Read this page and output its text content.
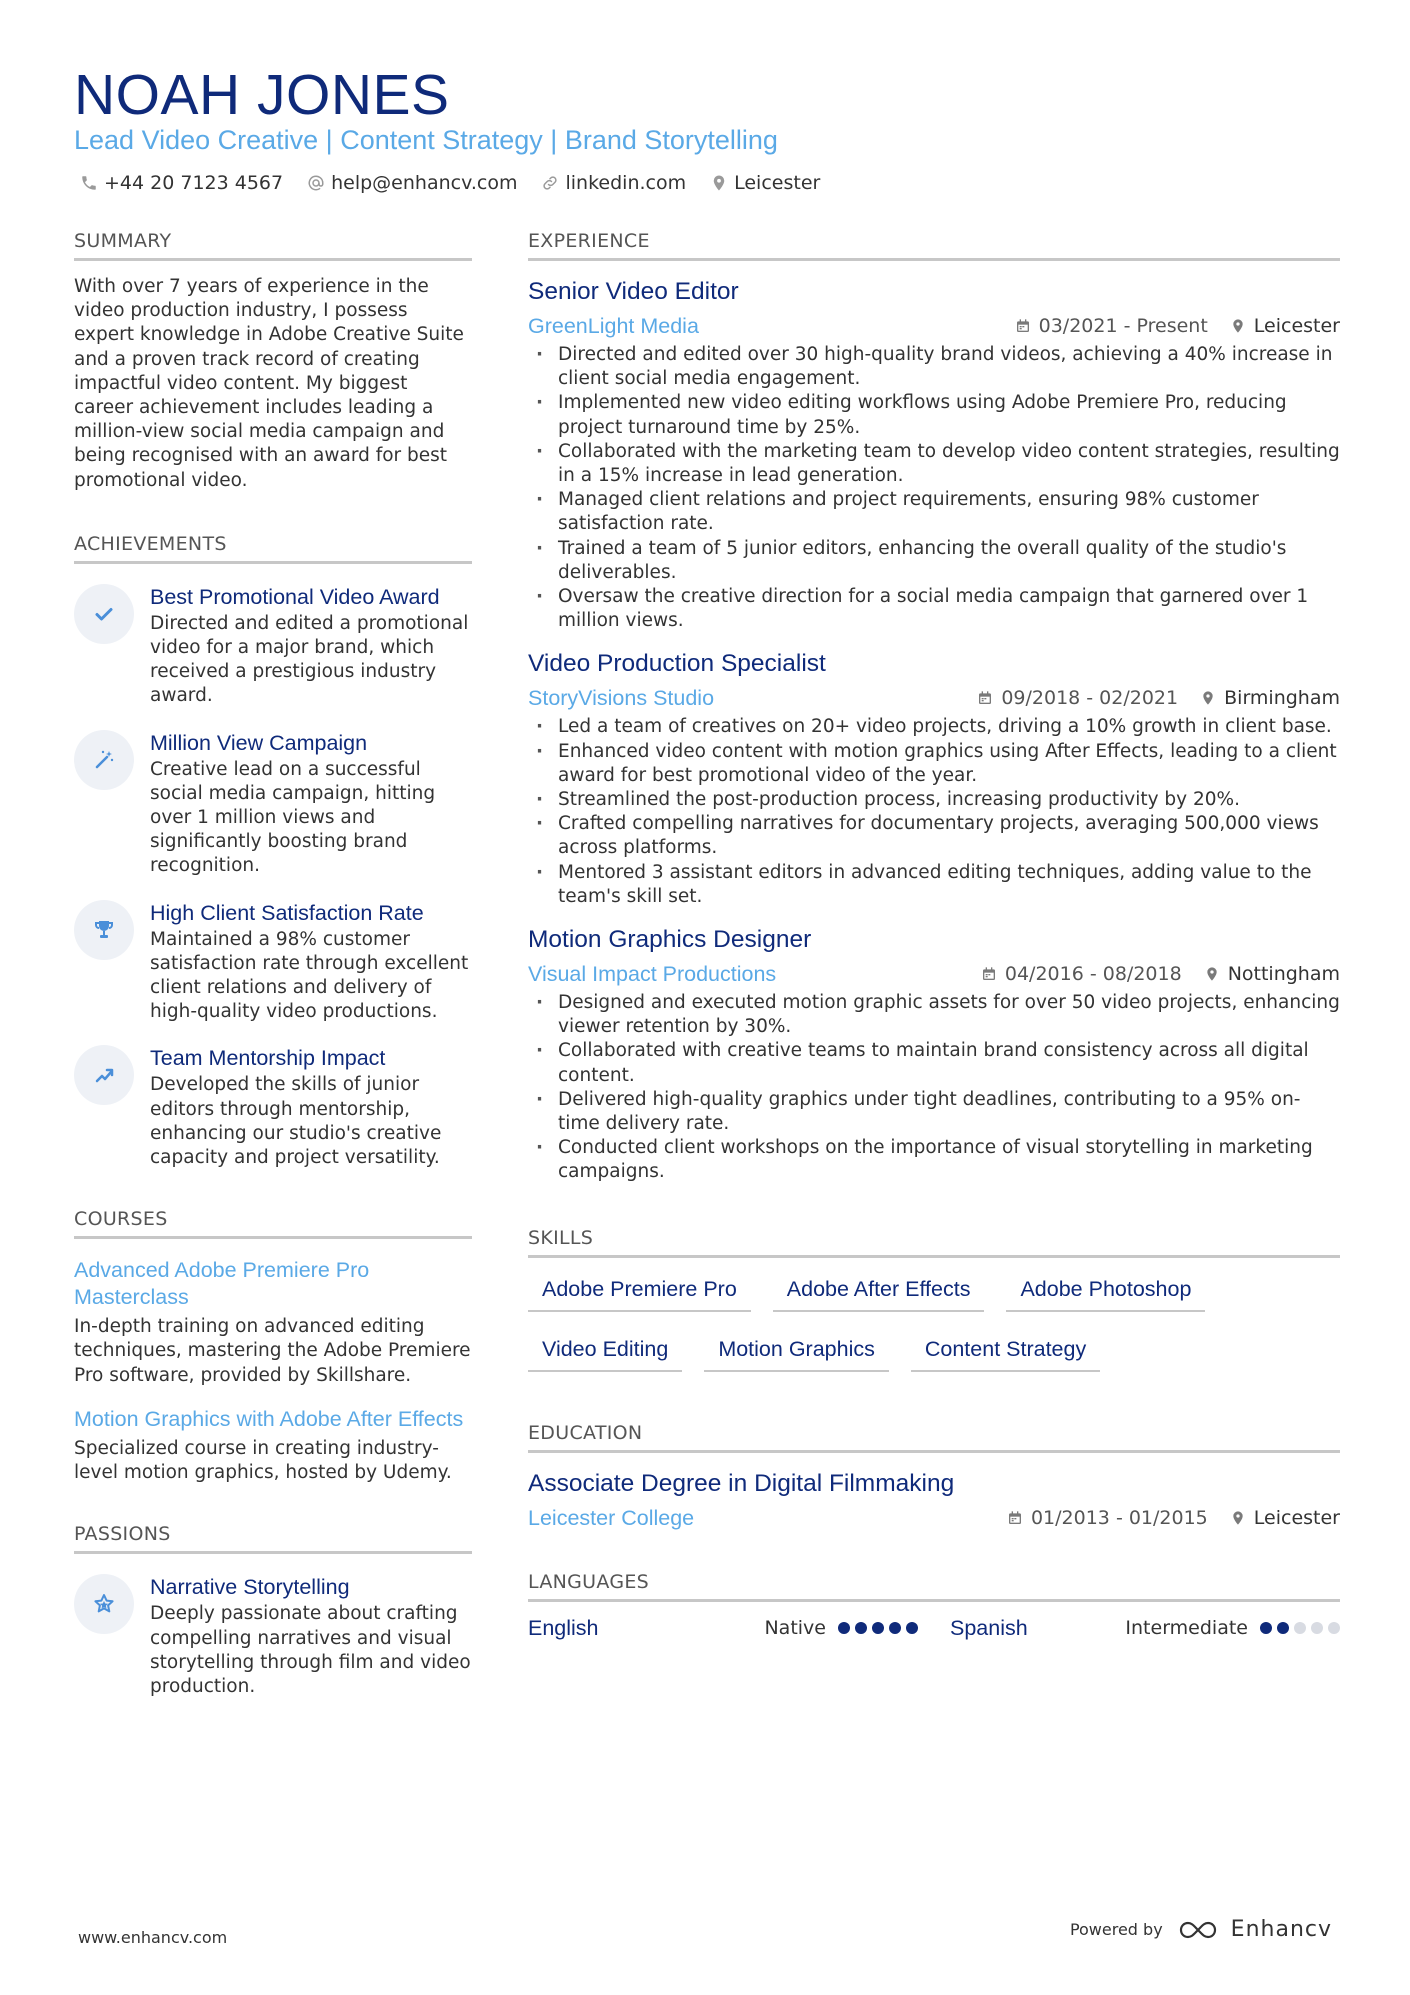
NOAH JONES
Lead Video Creative | Content Strategy | Brand Storytelling
+44 20 7123 4567	help@enhancv.com	linkedin.com	Leicester
SUMMARY

With over 7 years of experience in the video production industry, I possess expert knowledge in Adobe Creative Suite and a proven track record of creating impactful video content. My biggest career achievement includes leading a million-view social media campaign and being recognised with an award for best promotional video.

ACHIEVEMENTS
Best Promotional Video Award
Directed and edited a promotional video for a major brand, which received a prestigious industry award.
Million View Campaign
Creative lead on a successful social media campaign, hitting over 1 million views and significantly boosting brand recognition.
High Client Satisfaction Rate
Maintained a 98% customer satisfaction rate through excellent client relations and delivery of high-quality video productions.
Team Mentorship Impact
Developed the skills of junior editors through mentorship, enhancing our studio's creative capacity and project versatility.
COURSES
Advanced Adobe Premiere Pro Masterclass
In-depth training on advanced editing techniques, mastering the Adobe Premiere Pro software, provided by Skillshare.
Motion Graphics with Adobe After Effects
Specialized course in creating industry-level motion graphics, hosted by Udemy.
PASSIONS
Narrative Storytelling
Deeply passionate about crafting compelling narratives and visual storytelling through film and video production.
EXPERIENCE
Senior Video Editor
GreenLight Media	03/2021 - Present Leicester
· Directed and edited over 30 high-quality brand videos, achieving a 40% increase in client social media engagement.
· Implemented new video editing workflows using Adobe Premiere Pro, reducing project turnaround time by 25%.
· Collaborated with the marketing team to develop video content strategies, resulting in a 15% increase in lead generation.
· Managed client relations and project requirements, ensuring 98% customer satisfaction rate.
· Trained a team of 5 junior editors, enhancing the overall quality of the studio's deliverables.
· Oversaw the creative direction for a social media campaign that garnered over 1 million views.
Video Production Specialist
StoryVisions Studio	09/2018 - 02/2021 Birmingham
· Led a team of creatives on 20+ video projects, driving a 10% growth in client base.
· Enhanced video content with motion graphics using After Effects, leading to a client award for best promotional video of the year.
· Streamlined the post-production process, increasing productivity by 20%.
· Crafted compelling narratives for documentary projects, averaging 500,000 views across platforms.
· Mentored 3 assistant editors in advanced editing techniques, adding value to the team's skill set.
Motion Graphics Designer
Visual Impact Productions	04/2016 - 08/2018 Nottingham
· Designed and executed motion graphic assets for over 50 video projects, enhancing viewer retention by 30%.
· Collaborated with creative teams to maintain brand consistency across all digital content.
· Delivered high-quality graphics under tight deadlines, contributing to a 95% on-time delivery rate.
· Conducted client workshops on the importance of visual storytelling in marketing campaigns.
SKILLS
Adobe Premiere Pro	Adobe After Effects	Adobe Photoshop
Video Editing	Motion Graphics	Content Strategy
EDUCATION
Associate Degree in Digital Filmmaking
Leicester College	01/2013 - 01/2015 Leicester
LANGUAGES
English	Native	Spanish	Intermediate
www.enhancv.com	Powered by	Enhancv
